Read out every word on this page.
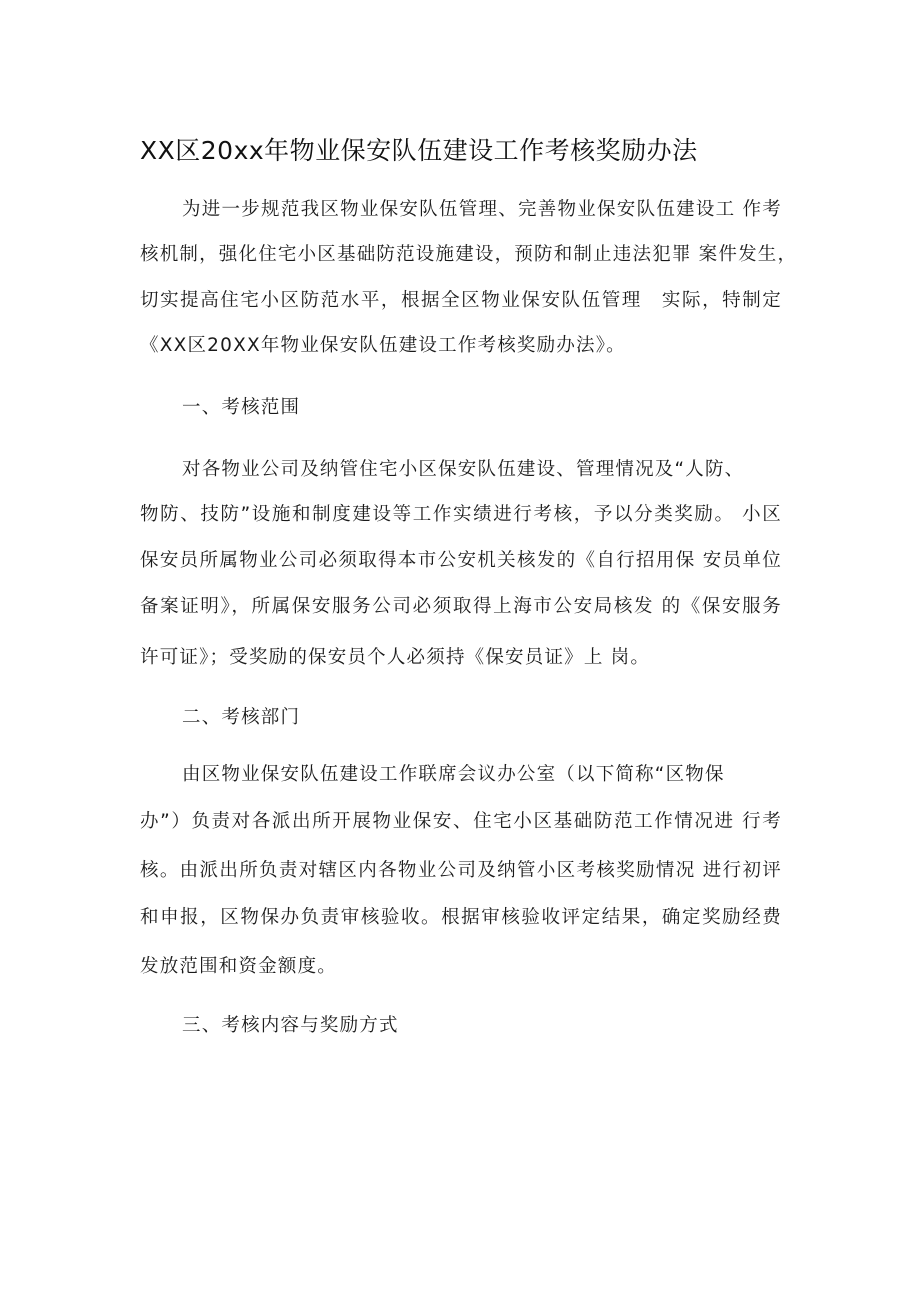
XX区20xx年物业保安队伍建设工作考核奖励办法
为进一步规范我区物业保安队伍管理、完善物业保安队伍建设工 作考
核机制，强化住宅小区基础防范设施建设，预防和制止违法犯罪 案件发生，
切实提高住宅小区防范水平，根据全区物业保安队伍管理　实际，特制定
《XX区20XX年物业保安队伍建设工作考核奖励办法》。
一、考核范围
对各物业公司及纳管住宅小区保安队伍建设、管理情况及“人防、
物防、技防”设施和制度建设等工作实绩进行考核，予以分类奖励。 小区
保安员所属物业公司必须取得本市公安机关核发的《自行招用保 安员单位
备案证明》，所属保安服务公司必须取得上海市公安局核发 的《保安服务
许可证》；受奖励的保安员个人必须持《保安员证》上 岗。
二、考核部门
由区物业保安队伍建设工作联席会议办公室（以下简称“区物保
办”）负责对各派出所开展物业保安、住宅小区基础防范工作情况进 行考
核。由派出所负责对辖区内各物业公司及纳管小区考核奖励情况 进行初评
和申报，区物保办负责审核验收。根据审核验收评定结果，确定奖励经费
发放范围和资金额度。
三、考核内容与奖励方式
